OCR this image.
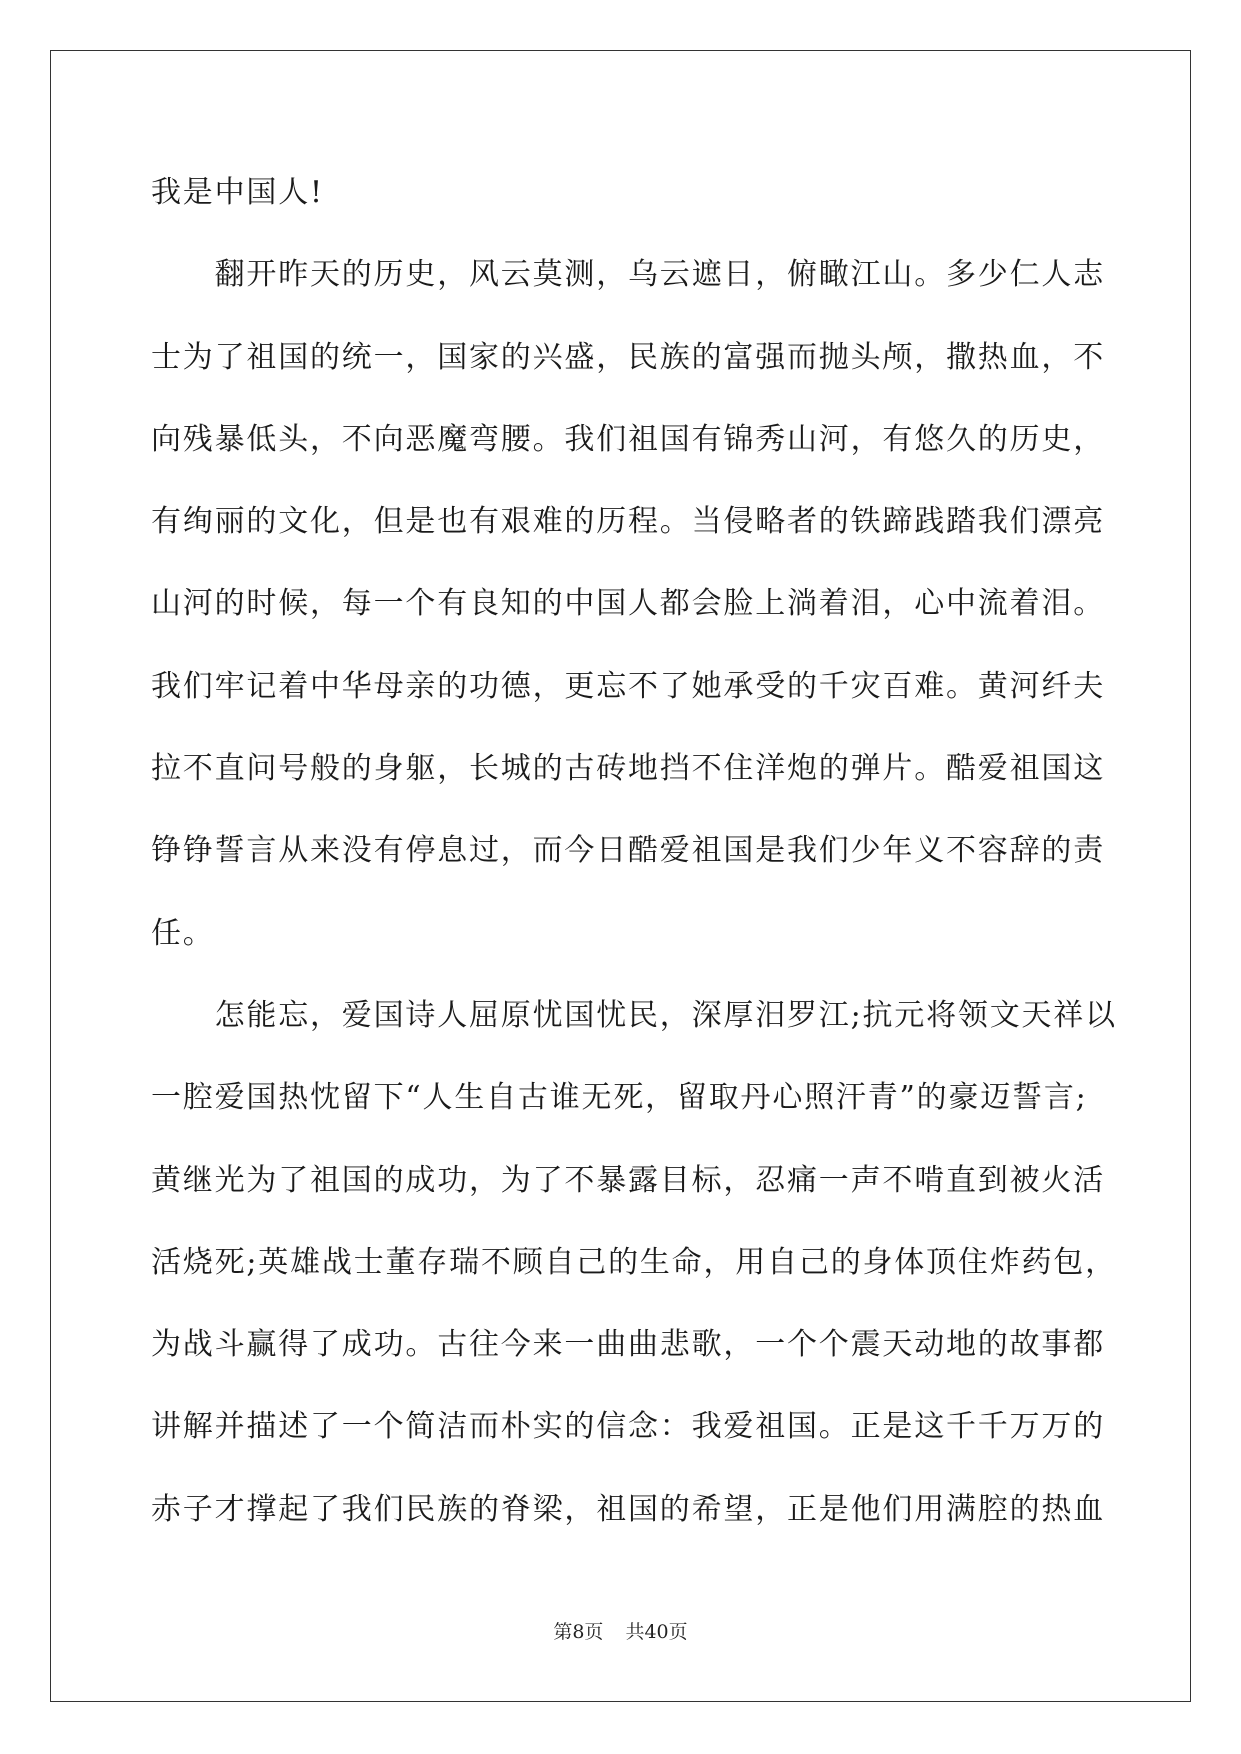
我是中国人!
　　翻开昨天的历史，风云莫测，乌云遮日，俯瞰江山。多少仁人志
士为了祖国的统一，国家的兴盛，民族的富强而抛头颅，撒热血，不
向残暴低头，不向恶魔弯腰。我们祖国有锦秀山河，有悠久的历史，
有绚丽的文化，但是也有艰难的历程。当侵略者的铁蹄践踏我们漂亮
山河的时候，每一个有良知的中国人都会脸上淌着泪，心中流着泪。
我们牢记着中华母亲的功德，更忘不了她承受的千灾百难。黄河纤夫
拉不直问号般的身躯，长城的古砖地挡不住洋炮的弹片。酷爱祖国这
铮铮誓言从来没有停息过，而今日酷爱祖国是我们少年义不容辞的责
任。
　　怎能忘，爱国诗人屈原忧国忧民，深厚汨罗江;抗元将领文天祥以
一腔爱国热忱留下“人生自古谁无死，留取丹心照汗青”的豪迈誓言;
黄继光为了祖国的成功，为了不暴露目标，忍痛一声不啃直到被火活
活烧死;英雄战士董存瑞不顾自己的生命，用自己的身体顶住炸药包，
为战斗赢得了成功。古往今来一曲曲悲歌，一个个震天动地的故事都
讲解并描述了一个简洁而朴实的信念：我爱祖国。正是这千千万万的
赤子才撑起了我们民族的脊梁，祖国的希望，正是他们用满腔的热血
第8页 共40页
